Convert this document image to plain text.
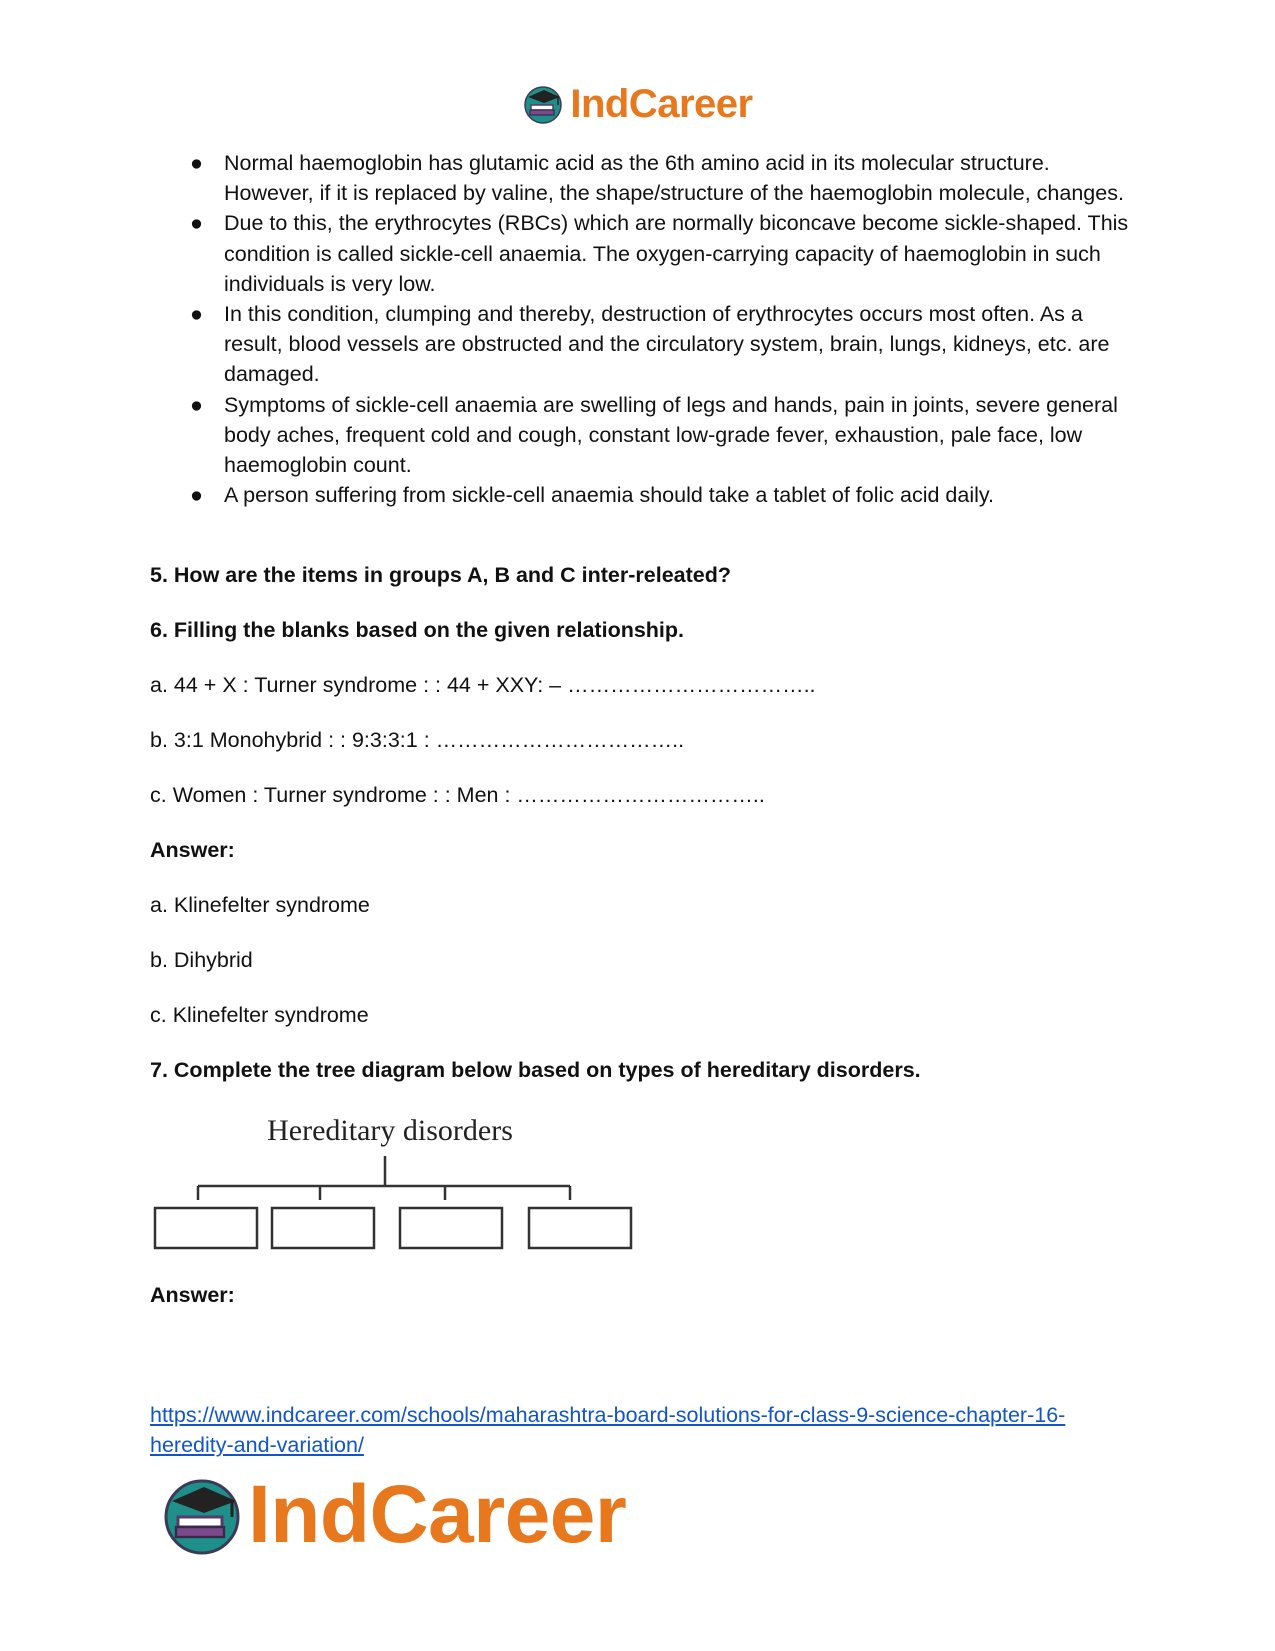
IndCareer
● Normal haemoglobin has glutamic acid as the 6th amino acid in its molecular structure. However, if it is replaced by valine, the shape/structure of the haemoglobin molecule, changes.
● Due to this, the erythrocytes (RBCs) which are normally biconcave become sickle-shaped. This condition is called sickle-cell anaemia. The oxygen-carrying capacity of haemoglobin in such individuals is very low.
● In this condition, clumping and thereby, destruction of erythrocytes occurs most often. As a result, blood vessels are obstructed and the circulatory system, brain, lungs, kidneys, etc. are damaged.
● Symptoms of sickle-cell anaemia are swelling of legs and hands, pain in joints, severe general body aches, frequent cold and cough, constant low-grade fever, exhaustion, pale face, low haemoglobin count.
● A person suffering from sickle-cell anaemia should take a tablet of folic acid daily.

5. How are the items in groups A, B and C inter-releated?

6. Filling the blanks based on the given relationship.

a. 44 + X : Turner syndrome : : 44 + XXY: – ……………………………..

b. 3:1 Monohybrid : : 9:3:3:1 : ……………………………..

c. Women : Turner syndrome : : Men : ……………………………..

Answer:

a. Klinefelter syndrome

b. Dihybrid

c. Klinefelter syndrome

7. Complete the tree diagram below based on types of hereditary disorders.

Hereditary disorders

Answer:

https://www.indcareer.com/schools/maharashtra-board-solutions-for-class-9-science-chapter-16-
heredity-and-variation/
IndCareer
